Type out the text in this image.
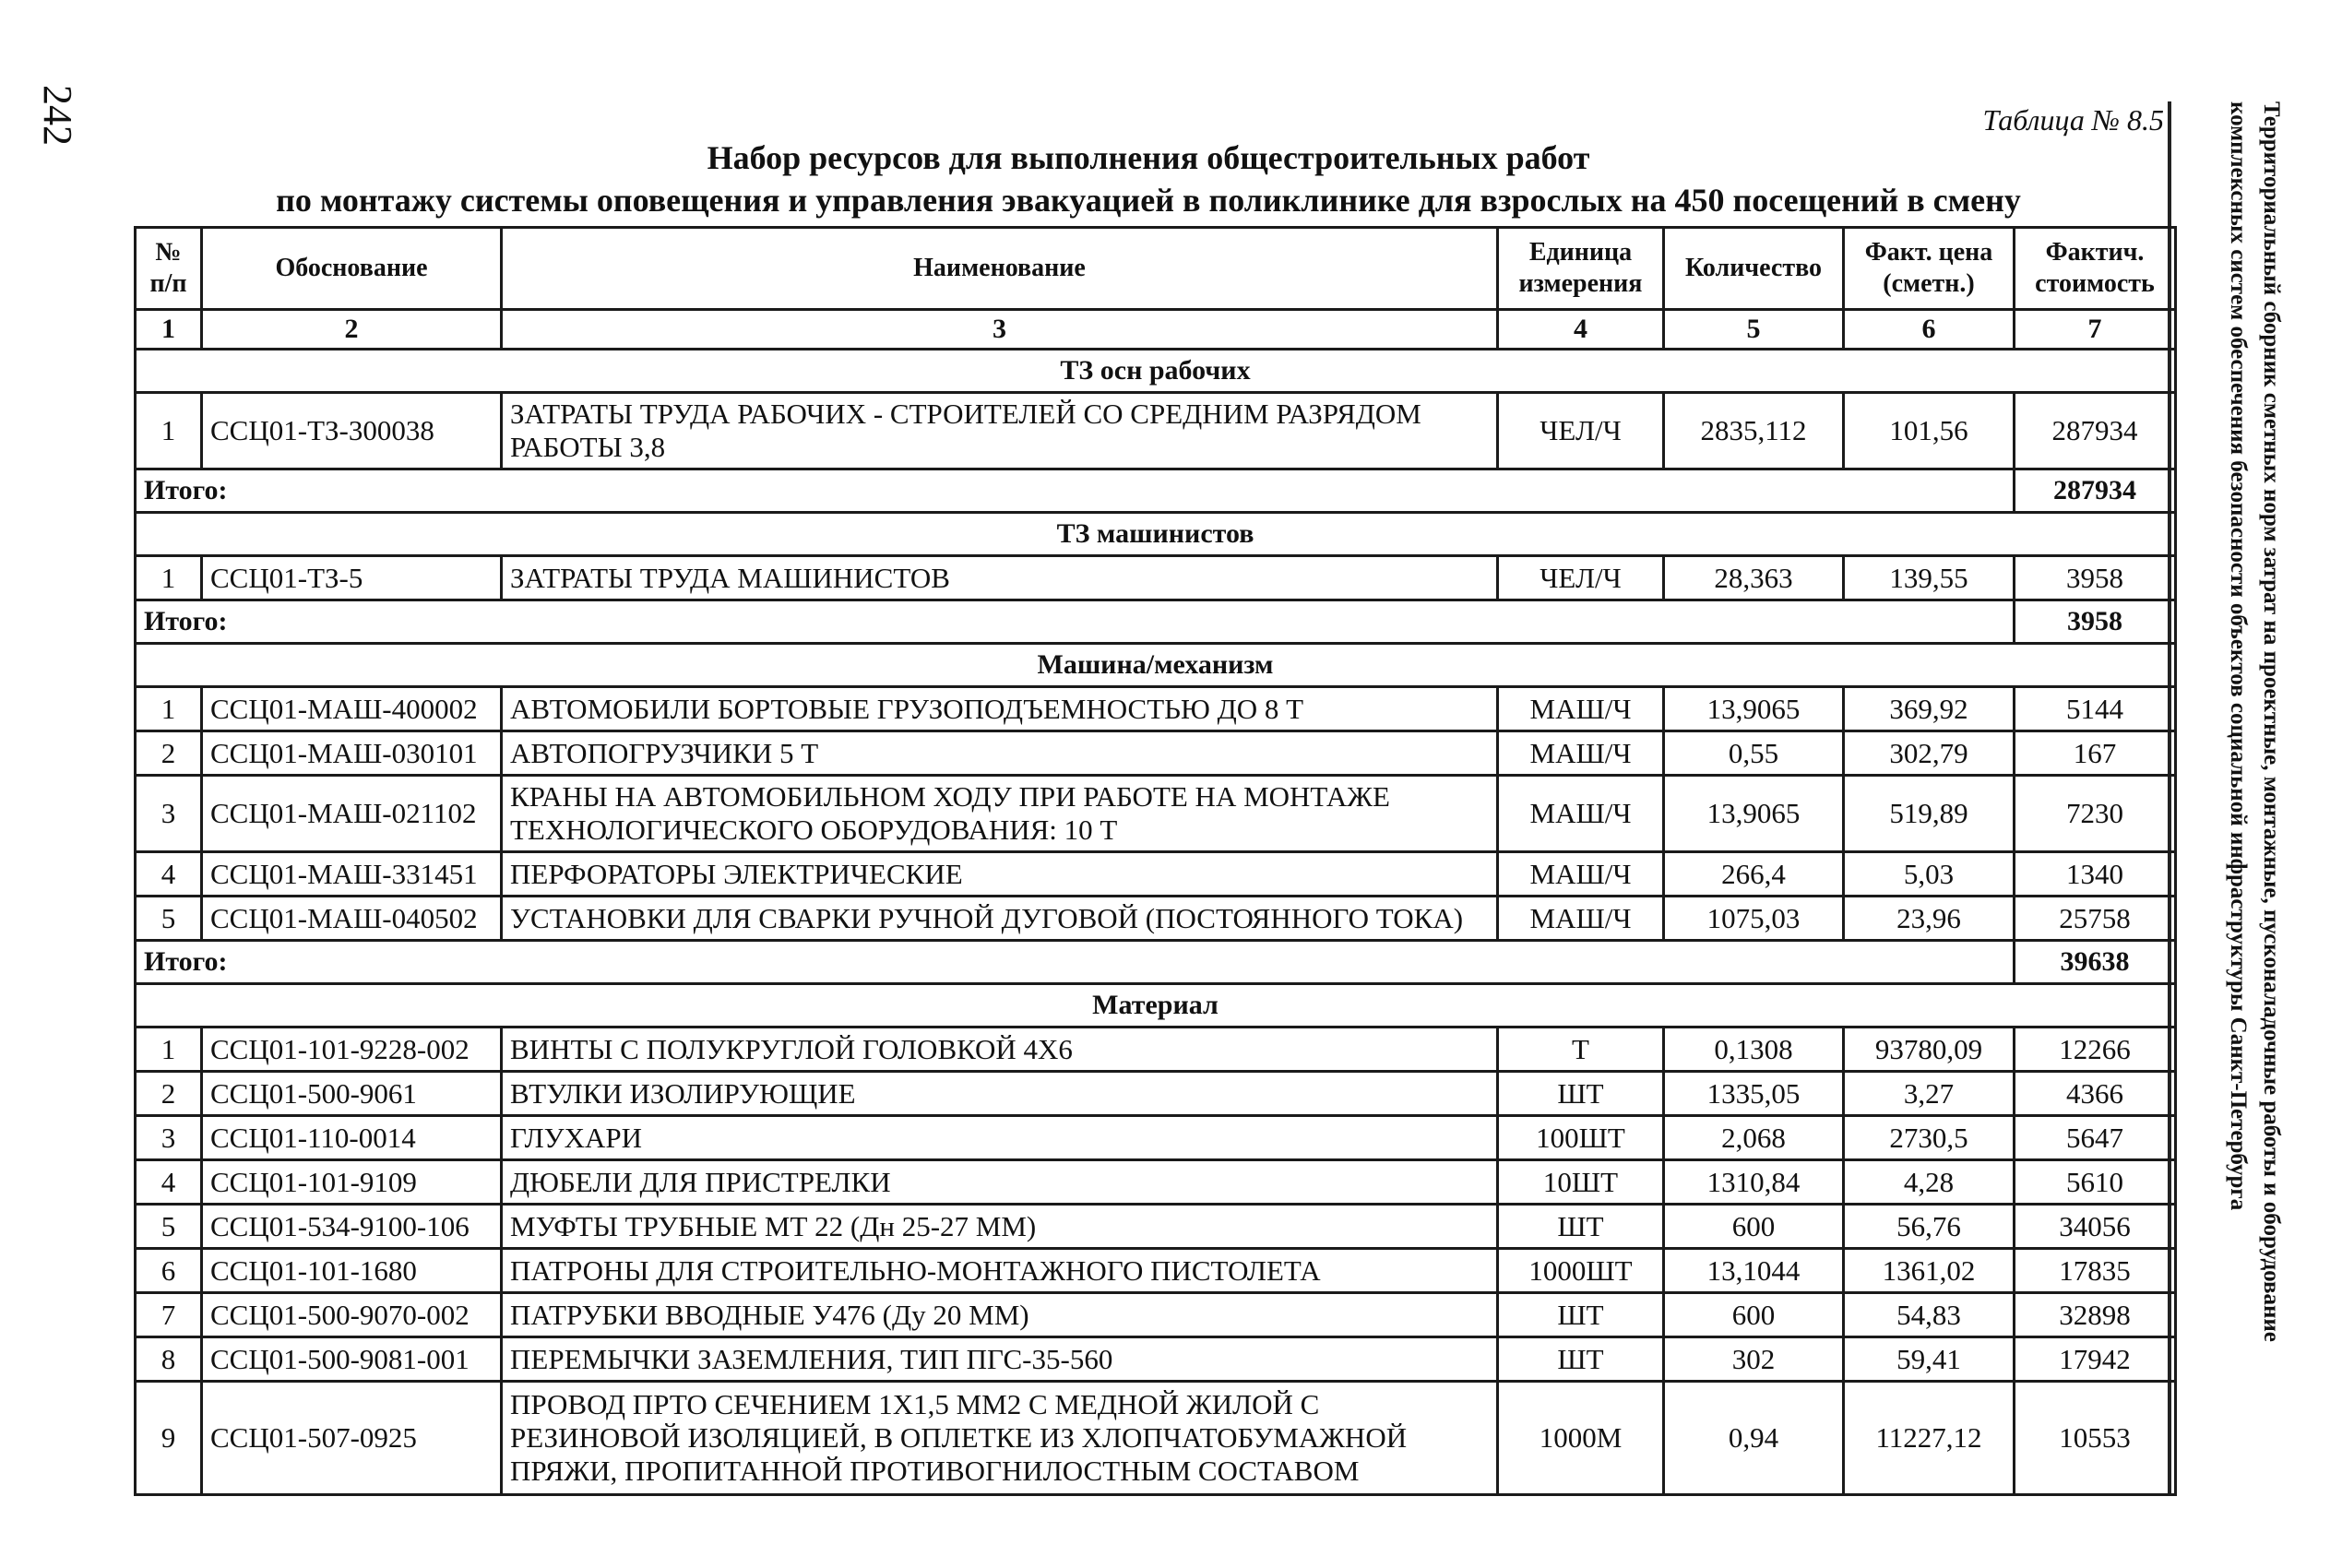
242	Таблица № 8.5
Набор ресурсов для выполнения общестроительных работ
по монтажу системы оповещения и управления эвакуацией в поликлинике для взрослых на 450 посещений в смену	Территориальный сборник сметных норм затрат на проектные, монтажные, пусконаладочные работы и оборудование комплексных систем обеспечения безопасности объектов социальной инфраструктуры Санкт-Петербурга
№ п/п	Обоснование	Наименование	Единица измерения	Количество	Факт. цена (сметн.)	Фактич. стоимость
1	2	3	4	5	6	7
ТЗ осн рабочих						
1	ССЦ01-ТЗ-300038	ЗАТРАТЫ ТРУДА РАБОЧИХ - СТРОИТЕЛЕЙ СО СРЕДНИМ РАЗРЯДОМ РАБОТЫ 3,8	ЧЕЛ/Ч	2835,112	101,56	287934
Итого:						287934
ТЗ машинистов						
1	ССЦ01-ТЗ-5	ЗАТРАТЫ ТРУДА МАШИНИСТОВ	ЧЕЛ/Ч	28,363	139,55	3958
Итого:						3958
Машина/механизм						
1	ССЦ01-МАШ-400002	АВТОМОБИЛИ БОРТОВЫЕ ГРУЗОПОДЪЕМНОСТЬЮ ДО 8 Т	МАШ/Ч	13,9065	369,92	5144
2	ССЦ01-МАШ-030101	АВТОПОГРУЗЧИКИ 5 Т	МАШ/Ч	0,55	302,79	167
3	ССЦ01-МАШ-021102	КРАНЫ НА АВТОМОБИЛЬНОМ ХОДУ ПРИ РАБОТЕ НА МОНТАЖЕ ТЕХНОЛОГИЧЕСКОГО ОБОРУДОВАНИЯ: 10 Т	МАШ/Ч	13,9065	519,89	7230
4	ССЦ01-МАШ-331451	ПЕРФОРАТОРЫ ЭЛЕКТРИЧЕСКИЕ	МАШ/Ч	266,4	5,03	1340
5	ССЦ01-МАШ-040502	УСТАНОВКИ ДЛЯ СВАРКИ РУЧНОЙ ДУГОВОЙ (ПОСТОЯННОГО ТОКА)	МАШ/Ч	1075,03	23,96	25758
Итого:						39638
Материал						
1	ССЦ01-101-9228-002	ВИНТЫ С ПОЛУКРУГЛОЙ ГОЛОВКОЙ 4Х6	Т	0,1308	93780,09	12266
2	ССЦ01-500-9061	ВТУЛКИ ИЗОЛИРУЮЩИЕ	ШТ	1335,05	3,27	4366
3	ССЦ01-110-0014	ГЛУХАРИ	100ШТ	2,068	2730,5	5647
4	ССЦ01-101-9109	ДЮБЕЛИ ДЛЯ ПРИСТРЕЛКИ	10ШТ	1310,84	4,28	5610
5	ССЦ01-534-9100-106	МУФТЫ ТРУБНЫЕ МТ 22 (Дн 25-27 ММ)	ШТ	600	56,76	34056
6	ССЦ01-101-1680	ПАТРОНЫ ДЛЯ СТРОИТЕЛЬНО-МОНТАЖНОГО ПИСТОЛЕТА	1000ШТ	13,1044	1361,02	17835
7	ССЦ01-500-9070-002	ПАТРУБКИ ВВОДНЫЕ У476 (Ду 20 ММ)	ШТ	600	54,83	32898
8	ССЦ01-500-9081-001	ПЕРЕМЫЧКИ ЗАЗЕМЛЕНИЯ, ТИП ПГС-35-560	ШТ	302	59,41	17942
9	ССЦ01-507-0925	ПРОВОД ПРТО СЕЧЕНИЕМ 1Х1,5 ММ2 С МЕДНОЙ ЖИЛОЙ С РЕЗИНОВОЙ ИЗОЛЯЦИЕЙ, В ОПЛЕТКЕ ИЗ ХЛОПЧАТОБУМАЖНОЙ ПРЯЖИ, ПРОПИТАННОЙ ПРОТИВОГНИЛОСТНЫМ СОСТАВОМ	1000М	0,94	11227,12	10553
